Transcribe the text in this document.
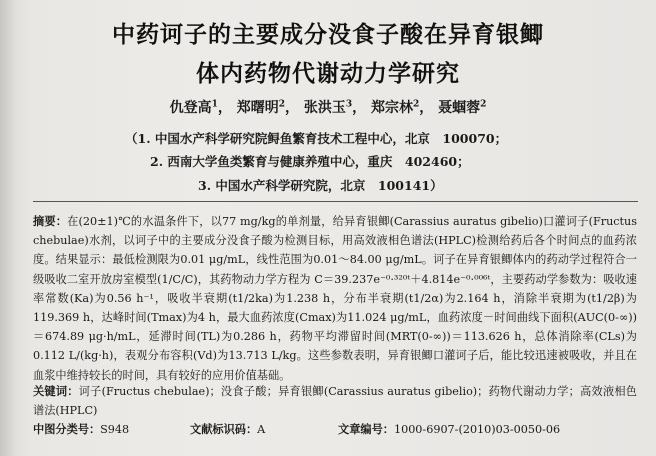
中药诃子的主要成分没食子酸在异育银鲫
体内药物代谢动力学研究
仇登高$^1$， 郑曙明$^2$， 张洪玉$^3$， 郑宗林$^2$， 聂蝈蓉$^2$
（1. 中国水产科学研究院鲟鱼繁育技术工程中心，北京　100070；
2. 西南大学鱼类繁育与健康养殖中心，重庆　402460；
3. 中国水产科学研究院，北京　100141）
摘要：在(20±1)℃的水温条件下，以77 mg/kg的单剂量，给异育银鲫(Carassius auratus gibelio)口灌诃子(Fructus chebulae)水剂，以诃子中的主要成分没食子酸为检测目标，用高效液相色谱法(HPLC)检测给药后各个时间点的血药浓度。结果显示：最低检测限为0.01 μg/mL，线性范围为0.01～84.00 μg/mL。诃子在异育银鲫体内的药动学过程符合一级吸收二室开放房室模型(1/C/C)，其药物动力学方程为 C＝39.237e⁻⁰·³²⁰ᵗ＋4.814e⁻⁰·⁰⁰⁶ᵗ，主要药动学参数为：吸收速率常数(Ka)为0.56 h⁻¹，吸收半衰期(t1/2ka)为1.238 h，分布半衰期(t1/2α)为2.164 h，消除半衰期为(t1/2β)为119.369 h，达峰时间(Tmax)为4 h，最大血药浓度(Cmax)为11.024 μg/mL，血药浓度－时间曲线下面积(AUC(0-∞))＝674.89 μg·h/mL，延滞时间(TL)为0.286 h，药物平均滞留时间(MRT(0-∞))＝113.626 h，总体消除率(CLs)为0.112 L/(kg·h)，表观分布容积(Vd)为13.713 L/kg。这些参数表明，异育银鲫口灌诃子后，能比较迅速被吸收，并且在血浆中维持较长的时间，具有较好的应用价值基础。
关键词：诃子(Fructus chebulae)；没食子酸；异育银鲫(Carassius auratus gibelio)；药物代谢动力学；高效液相色谱法(HPLC)
中图分类号：S948	文献标识码：A	文章编号：1000-6907-(2010)03-0050-06
